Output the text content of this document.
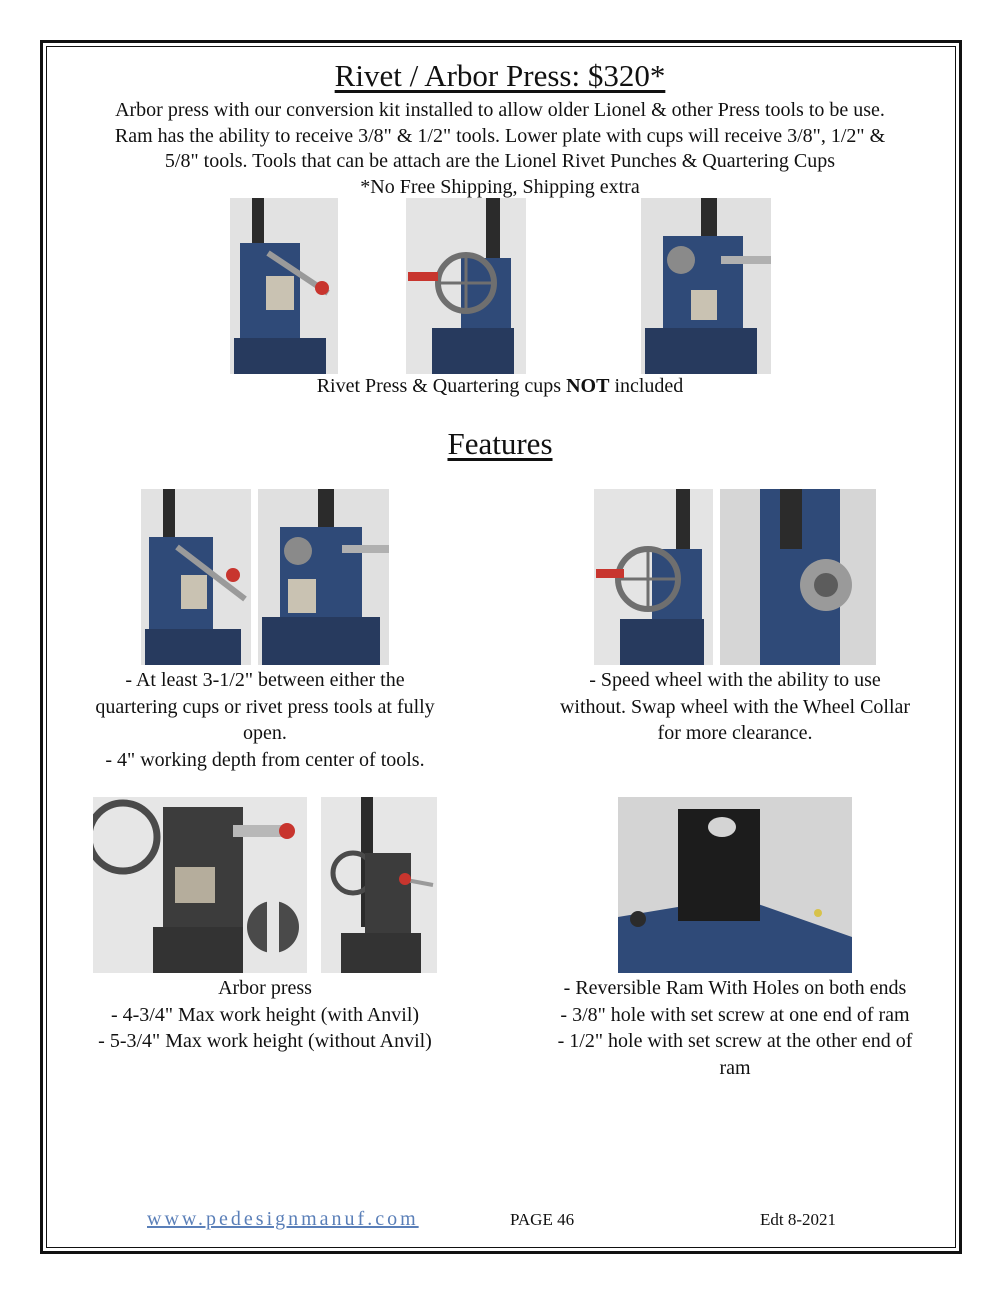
Rivet / Arbor Press: $320*
Arbor press with our conversion kit installed to allow older Lionel & other Press tools to be use.
Ram has the ability to receive 3/8" & 1/2" tools. Lower plate with cups will receive 3/8", 1/2" &
5/8" tools. Tools that can be attach are the Lionel Rivet Punches & Quartering Cups
*No Free Shipping, Shipping extra
Rivet Press & Quartering cups NOT included
Features
- At least 3-1/2" between either the
quartering cups or rivet press tools at fully
open.
- 4" working depth from center of tools.
- Speed wheel with the ability to use
without. Swap wheel with the Wheel Collar
for more clearance.
Arbor press
- 4-3/4" Max work height (with Anvil)
- 5-3/4" Max work height (without Anvil)
- Reversible Ram With Holes on both ends
- 3/8" hole with set screw at one end of ram
- 1/2" hole with set screw at the other end of
ram
www.pedesignmanuf.com	PAGE 46	Edt 8-2021
